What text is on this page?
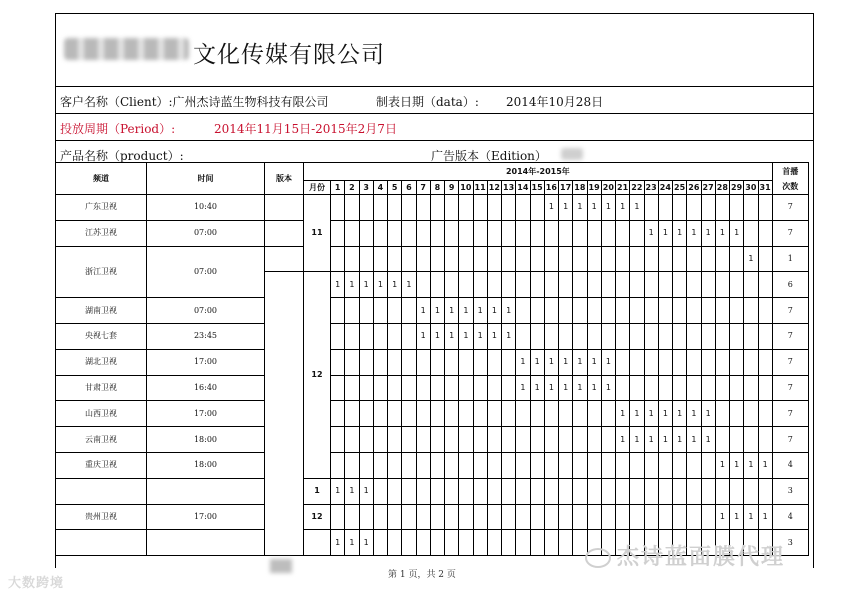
文化传媒有限公司
客户名称（Client）:广州杰诗蓝生物科技有限公司	制表日期（data）: 2014年10月28日
投放周期（Period）:	2014年11月15日-2015年2月7日
产品名称（product）:	广告版本（Edition）
频道	时间	版本	2014年-2015年																																首播
			月份	1	2	3	4	5	6	7	8	9	10	11	12	13	14	15	16	17	18	19	20	21	22	23	24	25	26	27	28	29	30	31	次数
广东卫视	10:40		11																1	1	1	1	1	1	1										7
江苏卫视	07:00																									1	1	1	1	1	1	1			7
浙江卫视	07:00																																1		1
			12	1	1	1	1	1	1																										6
湖南卫视	07:00									1	1	1	1	1	1	1																			7
央视七套	23:45									1	1	1	1	1	1	1																			7
湖北卫视	17:00																1	1	1	1	1	1	1												7
甘肃卫视	16:40																1	1	1	1	1	1	1												7
山西卫视	17:00																							1	1	1	1	1	1	1					7
云南卫视	18:00																							1	1	1	1	1	1	1					7
重庆卫视	18:00																														1	1	1	1	4
			1	1	1	1																													3
贵州卫视	17:00		12																												1	1	1	1	4
				1	1	1																													3
第 1 页，共 2 页
大数跨境
杰诗蓝面膜代理
